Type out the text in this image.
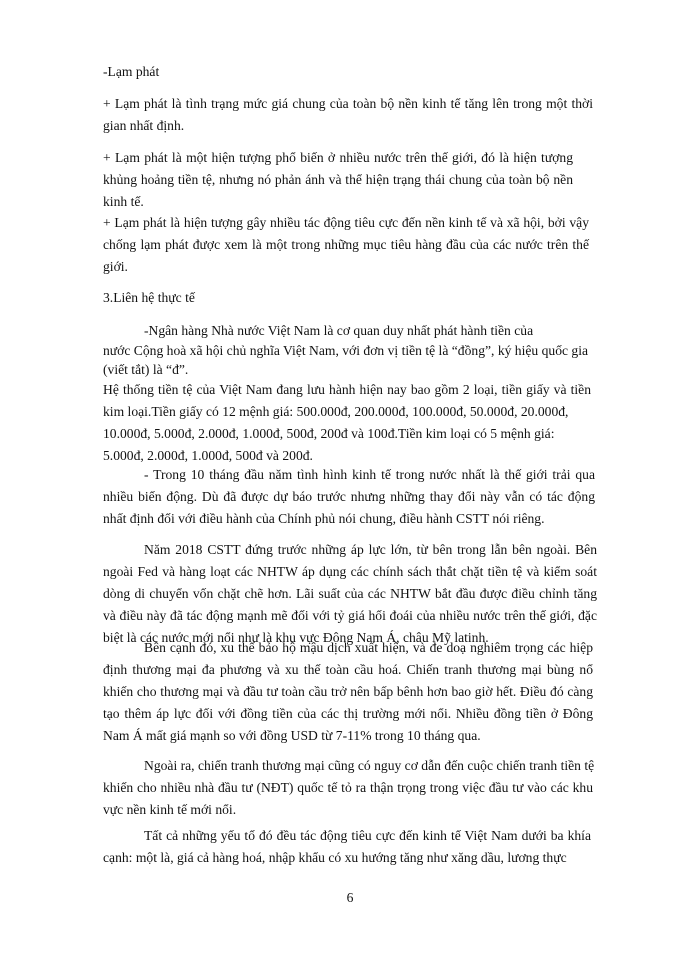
-Lạm phát
+ Lạm phát là tình trạng mức giá chung của toàn bộ nền kinh tế tăng lên trong một thời
gian nhất định.
+ Lạm phát là một hiện tượng phổ biến ở nhiều nước trên thế giới, đó là hiện tượng
khủng hoảng tiền tệ, nhưng nó phản ánh và thể hiện trạng thái chung của toàn bộ nền
kinh tế.
+ Lạm phát là hiện tượng gây nhiều tác động tiêu cực đến nền kinh tế và xã hội, bởi vậy
chống lạm phát được xem là một trong những mục tiêu hàng đầu của các nước trên thế
giới.
3.Liên hệ thực tế
-Ngân hàng Nhà nước Việt Nam là cơ quan duy nhất phát hành tiền của
nước Cộng hoà xã hội chủ nghĩa Việt Nam, với đơn vị tiền tệ là “đồng”, ký hiệu quốc gia
(viết tắt) là “đ”.
Hệ thống tiền tệ của Việt Nam đang lưu hành hiện nay bao gồm 2 loại, tiền giấy và tiền
kim loại.Tiền giấy có 12 mệnh giá: 500.000đ, 200.000đ, 100.000đ, 50.000đ, 20.000đ,
10.000đ, 5.000đ, 2.000đ, 1.000đ, 500đ, 200đ và 100đ.Tiền kim loại có 5 mệnh giá:
5.000đ, 2.000đ, 1.000đ, 500đ và 200đ.
- Trong 10 tháng đầu năm tình hình kinh tế trong nước nhất là thế giới trải qua
nhiều biến động. Dù đã được dự báo trước nhưng những thay đổi này vẫn có tác động
nhất định đối với điều hành của Chính phủ nói chung, điều hành CSTT nói riêng.
Năm 2018 CSTT đứng trước những áp lực lớn, từ bên trong lẫn bên ngoài. Bên
ngoài Fed và hàng loạt các NHTW áp dụng các chính sách thắt chặt tiền tệ và kiểm soát
dòng di chuyển vốn chặt chẽ hơn. Lãi suất của các NHTW bắt đầu được điều chỉnh tăng
và điều này đã tác động mạnh mẽ đối với tỷ giá hối đoái của nhiều nước trên thế giới, đặc
biệt là các nước mới nổi như là khu vực Đông Nam Á, châu Mỹ latinh.
Bên cạnh đó, xu thế bảo hộ mậu dịch xuất hiện, và đe doạ nghiêm trọng các hiệp
định thương mại đa phương và xu thế toàn cầu hoá. Chiến tranh thương mại bùng nổ
khiến cho thương mại và đầu tư toàn cầu trở nên bấp bênh hơn bao giờ hết. Điều đó càng
tạo thêm áp lực đối với đồng tiền của các thị trường mới nổi. Nhiều đồng tiền ở Đông
Nam Á mất giá mạnh so với đồng USD từ 7-11% trong 10 tháng qua.
Ngoài ra, chiến tranh thương mại cũng có nguy cơ dẫn đến cuộc chiến tranh tiền tệ
khiến cho nhiều nhà đầu tư (NĐT) quốc tế tỏ ra thận trọng trong việc đầu tư vào các khu
vực nền kinh tế mới nổi.
Tất cả những yếu tố đó đều tác động tiêu cực đến kinh tế Việt Nam dưới ba khía
cạnh: một là, giá cả hàng hoá, nhập khẩu có xu hướng tăng như xăng dầu, lương thực
6
